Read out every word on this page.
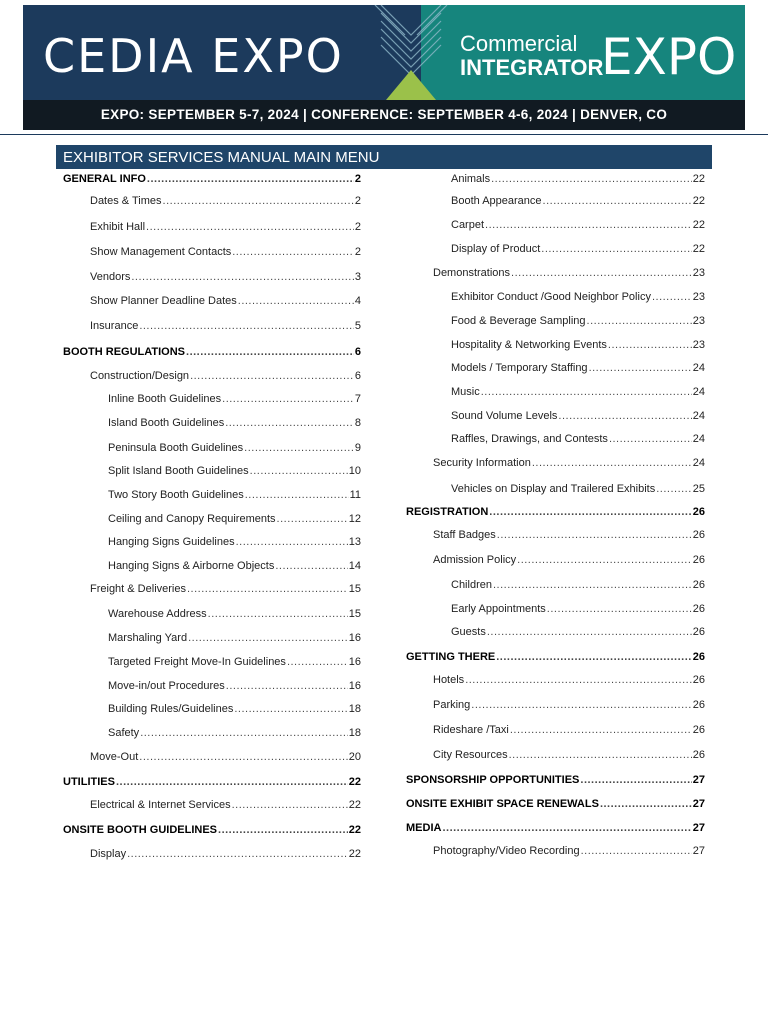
CEDIA EXPO	Commercial
INTEGRATOR
EXPO
EXPO: SEPTEMBER 5-7, 2024 | CONFERENCE: SEPTEMBER 4-6, 2024 | DENVER, CO
EXHIBITOR SERVICES MANUAL MAIN MENU
GENERAL INFO .....	2
Dates & Times .....	2
Exhibit Hall .....	2
Show Management Contacts .....	2
Vendors .....	3
Show Planner Deadline Dates .....	4
Insurance .....	5
BOOTH REGULATIONS .....	6
Construction/Design .....	6
Inline Booth Guidelines .....	7
Island Booth Guidelines .....	8
Peninsula Booth Guidelines .....	9
Split Island Booth Guidelines .....	10
Two Story Booth Guidelines .....	11
Ceiling and Canopy Requirements .....	12
Hanging Signs Guidelines .....	13
Hanging Signs & Airborne Objects .....	14
Freight & Deliveries .....	15
Warehouse Address .....	15
Marshaling Yard .....	16
Targeted Freight Move-In Guidelines .....	16
Move-in/out Procedures .....	16
Building Rules/Guidelines .....	18
Safety .....	18
Move-Out .....	20
UTILITIES .....	22
Electrical & Internet Services .....	22
ONSITE BOOTH GUIDELINES .....	22
Display .....	22
Animals .....	22
Booth Appearance .....	22
Carpet .....	22
Display of Product .....	22
Demonstrations .....	23
Exhibitor Conduct /Good Neighbor Policy .....	23
Food & Beverage Sampling .....	23
Hospitality & Networking Events .....	23
Models / Temporary Staffing .....	24
Music .....	24
Sound Volume Levels .....	24
Raffles, Drawings, and Contests .....	24
Security Information .....	24
Vehicles on Display and Trailered Exhibits .....	25
REGISTRATION .....	26
Staff Badges .....	26
Admission Policy .....	26
Children .....	26
Early Appointments .....	26
Guests .....	26
GETTING THERE .....	26
Hotels .....	26
Parking .....	26
Rideshare /Taxi .....	26
City Resources .....	26
SPONSORSHIP OPPORTUNITIES .....	27
ONSITE EXHIBIT SPACE RENEWALS .....	27
MEDIA .....	27
Photography/Video Recording .....	27
